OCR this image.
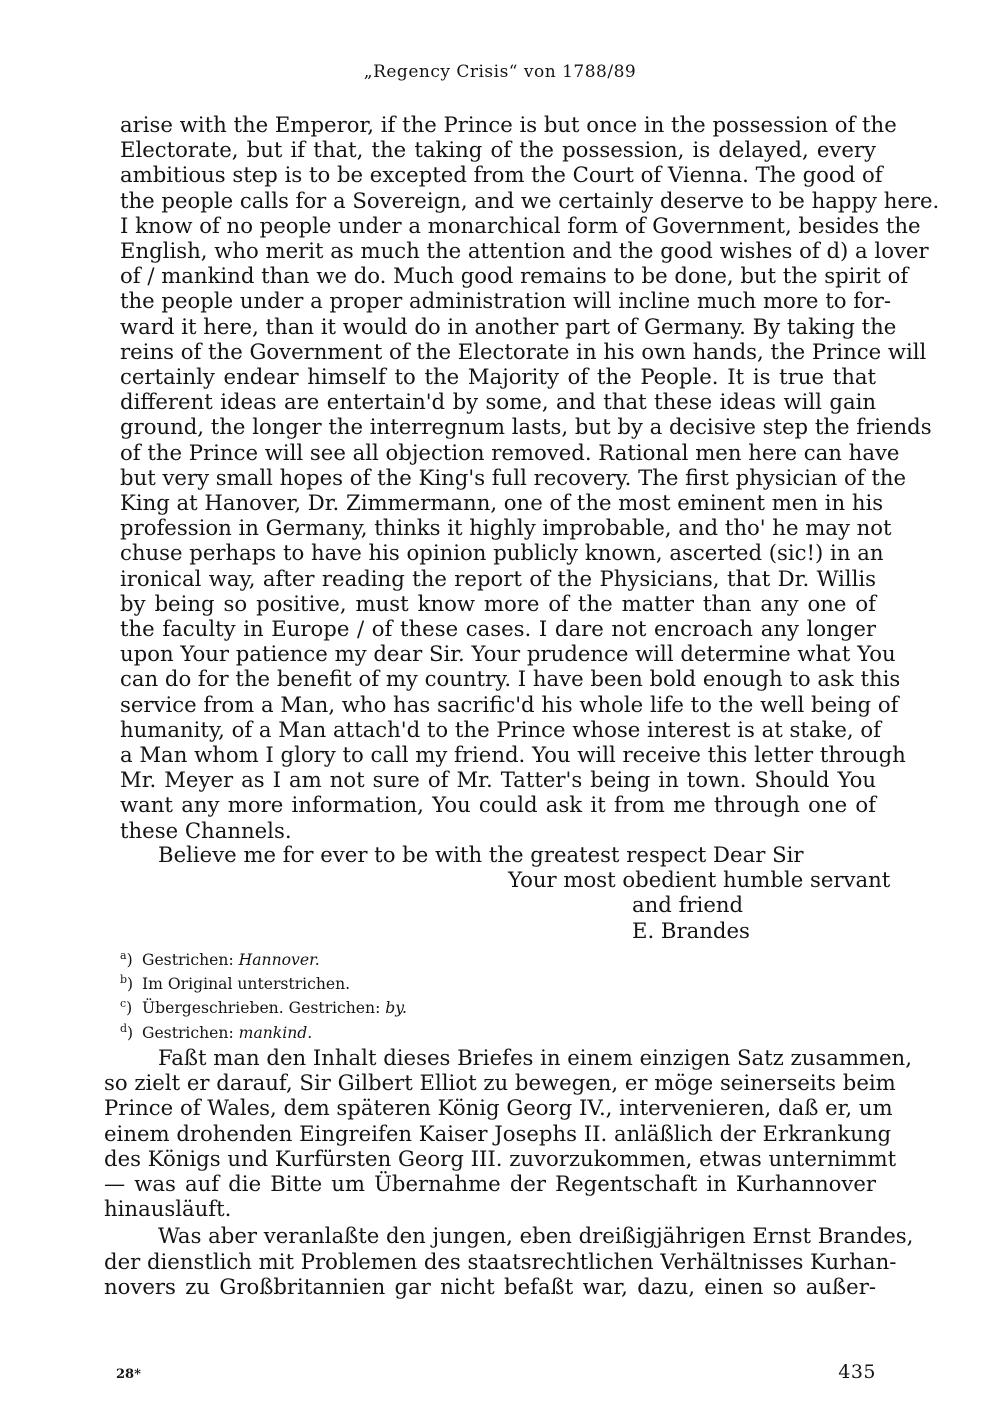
„Regency Crisis“ von 1788/89
arise with the Emperor, if the Prince is but once in the possession of the
Electorate, but if that, the taking of the possession, is delayed, every
ambitious step is to be excepted from the Court of Vienna. The good of
the people calls for a Sovereign, and we certainly deserve to be happy here.
I know of no people under a monarchical form of Government, besides the
English, who merit as much the attention and the good wishes of d) a lover
of / mankind than we do. Much good remains to be done, but the spirit of
the people under a proper administration will incline much more to for-
ward it here, than it would do in another part of Germany. By taking the
reins of the Government of the Electorate in his own hands, the Prince will
certainly endear himself to the Majority of the People. It is true that
different ideas are entertain'd by some, and that these ideas will gain
ground, the longer the interregnum lasts, but by a decisive step the friends
of the Prince will see all objection removed. Rational men here can have
but very small hopes of the King's full recovery. The first physician of the
King at Hanover, Dr. Zimmermann, one of the most eminent men in his
profession in Germany, thinks it highly improbable, and tho' he may not
chuse perhaps to have his opinion publicly known, ascerted (sic!) in an
ironical way, after reading the report of the Physicians, that Dr. Willis
by being so positive, must know more of the matter than any one of
the faculty in Europe / of these cases. I dare not encroach any longer
upon Your patience my dear Sir. Your prudence will determine what You
can do for the benefit of my country. I have been bold enough to ask this
service from a Man, who has sacrific'd his whole life to the well being of
humanity, of a Man attach'd to the Prince whose interest is at stake, of
a Man whom I glory to call my friend. You will receive this letter through
Mr. Meyer as I am not sure of Mr. Tatter's being in town. Should You
want any more information, You could ask it from me through one of
these Channels.
Believe me for ever to be with the greatest respect Dear Sir
Your most obedient humble servant
and friend
E. Brandes
$^a$) Gestrichen: Hannover.
$^b$) Im Original unterstrichen.
$^c$) Übergeschrieben. Gestrichen: by.
$^d$) Gestrichen: mankind.
Faßt man den Inhalt dieses Briefes in einem einzigen Satz zusammen,
so zielt er darauf, Sir Gilbert Elliot zu bewegen, er möge seinerseits beim
Prince of Wales, dem späteren König Georg IV., intervenieren, daß er, um
einem drohenden Eingreifen Kaiser Josephs II. anläßlich der Erkrankung
des Königs und Kurfürsten Georg III. zuvorzukommen, etwas unternimmt
— was auf die Bitte um Übernahme der Regentschaft in Kurhannover
hinausläuft.
Was aber veranlaßte den jungen, eben dreißigjährigen Ernst Brandes,
der dienstlich mit Problemen des staatsrechtlichen Verhältnisses Kurhan-
novers zu Großbritannien gar nicht befaßt war, dazu, einen so außer-
28*	435
